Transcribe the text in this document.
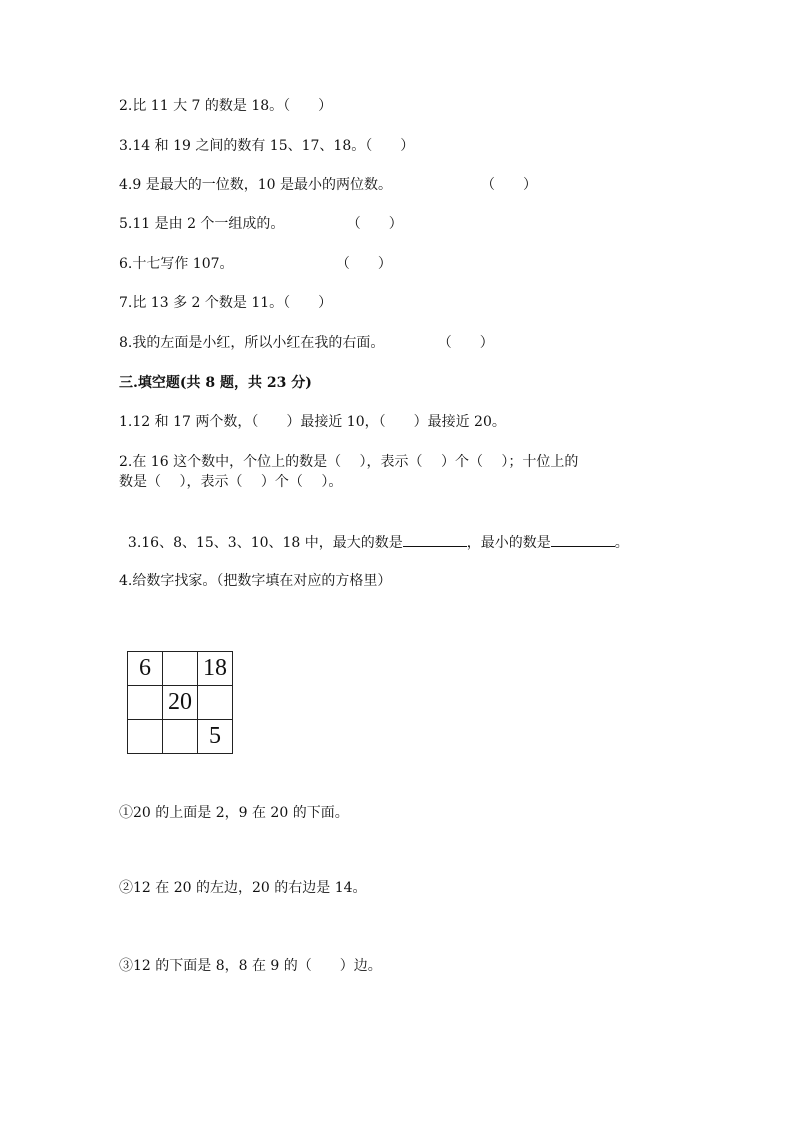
2.比 11 大 7 的数是 18。（　　）
3.14 和 19 之间的数有 15、17、18。（　　）
4.9 是最大的一位数，10 是最小的两位数。                    （　　）
5.11 是由 2 个一组成的。              （　　）
6.十七写作 107。                       （　　）
7.比 13 多 2 个数是 11。（　　）
8.我的左面是小红，所以小红在我的右面。            （　　）
三.填空题(共 8 题，共 23 分)
1.12 和 17 两个数，（　　）最接近 10，（　　）最接近 20。
2.在 16 这个数中，个位上的数是（　 ），表示（　 ）个（　 ）；十位上的
数是（　 ），表示（　 ）个（　 ）。

3.16、8、15、3、10、18 中，最大的数是	，最小的数是	。

4.给数字找家。（把数字填在对应的方格里）
6		18
	20	
		5
①20 的上面是 2，9 在 20 的下面。
②12 在 20 的左边，20 的右边是 14。
③12 的下面是 8，8 在 9 的（　　）边。
